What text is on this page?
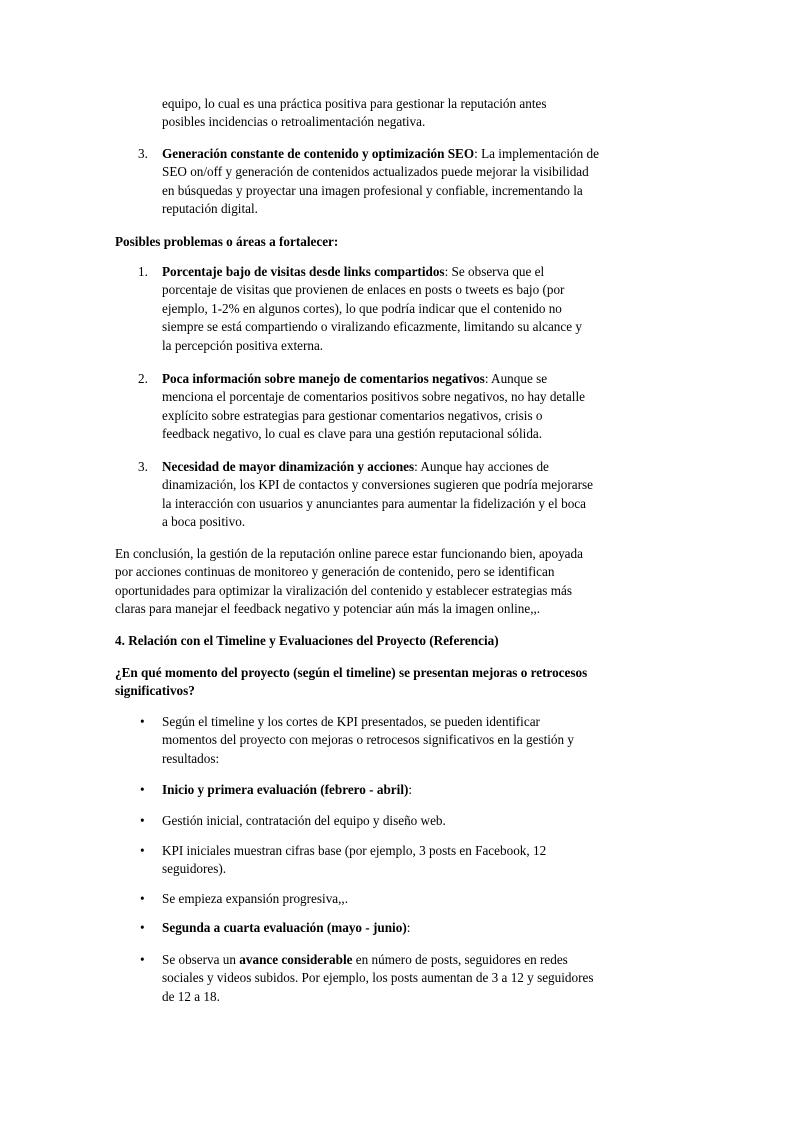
equipo, lo cual es una práctica positiva para gestionar la reputación antes
posibles incidencias o retroalimentación negativa.
3. Generación constante de contenido y optimización SEO: La implementación de
SEO on/off y generación de contenidos actualizados puede mejorar la visibilidad
en búsquedas y proyectar una imagen profesional y confiable, incrementando la
reputación digital.
Posibles problemas o áreas a fortalecer:
1. Porcentaje bajo de visitas desde links compartidos: Se observa que el
porcentaje de visitas que provienen de enlaces en posts o tweets es bajo (por
ejemplo, 1-2% en algunos cortes), lo que podría indicar que el contenido no
siempre se está compartiendo o viralizando eficazmente, limitando su alcance y
la percepción positiva externa.
2. Poca información sobre manejo de comentarios negativos: Aunque se
menciona el porcentaje de comentarios positivos sobre negativos, no hay detalle
explícito sobre estrategias para gestionar comentarios negativos, crisis o
feedback negativo, lo cual es clave para una gestión reputacional sólida.
3. Necesidad de mayor dinamización y acciones: Aunque hay acciones de
dinamización, los KPI de contactos y conversiones sugieren que podría mejorarse
la interacción con usuarios y anunciantes para aumentar la fidelización y el boca
a boca positivo.
En conclusión, la gestión de la reputación online parece estar funcionando bien, apoyada
por acciones continuas de monitoreo y generación de contenido, pero se identifican
oportunidades para optimizar la viralización del contenido y establecer estrategias más
claras para manejar el feedback negativo y potenciar aún más la imagen online,,.
4. Relación con el Timeline y Evaluaciones del Proyecto (Referencia)
¿En qué momento del proyecto (según el timeline) se presentan mejoras o retrocesos
significativos?
• Según el timeline y los cortes de KPI presentados, se pueden identificar
momentos del proyecto con mejoras o retrocesos significativos en la gestión y
resultados:
• Inicio y primera evaluación (febrero - abril):
• Gestión inicial, contratación del equipo y diseño web.
• KPI iniciales muestran cifras base (por ejemplo, 3 posts en Facebook, 12
seguidores).
• Se empieza expansión progresiva,,.
• Segunda a cuarta evaluación (mayo - junio):
• Se observa un avance considerable en número de posts, seguidores en redes
sociales y videos subidos. Por ejemplo, los posts aumentan de 3 a 12 y seguidores
de 12 a 18.
